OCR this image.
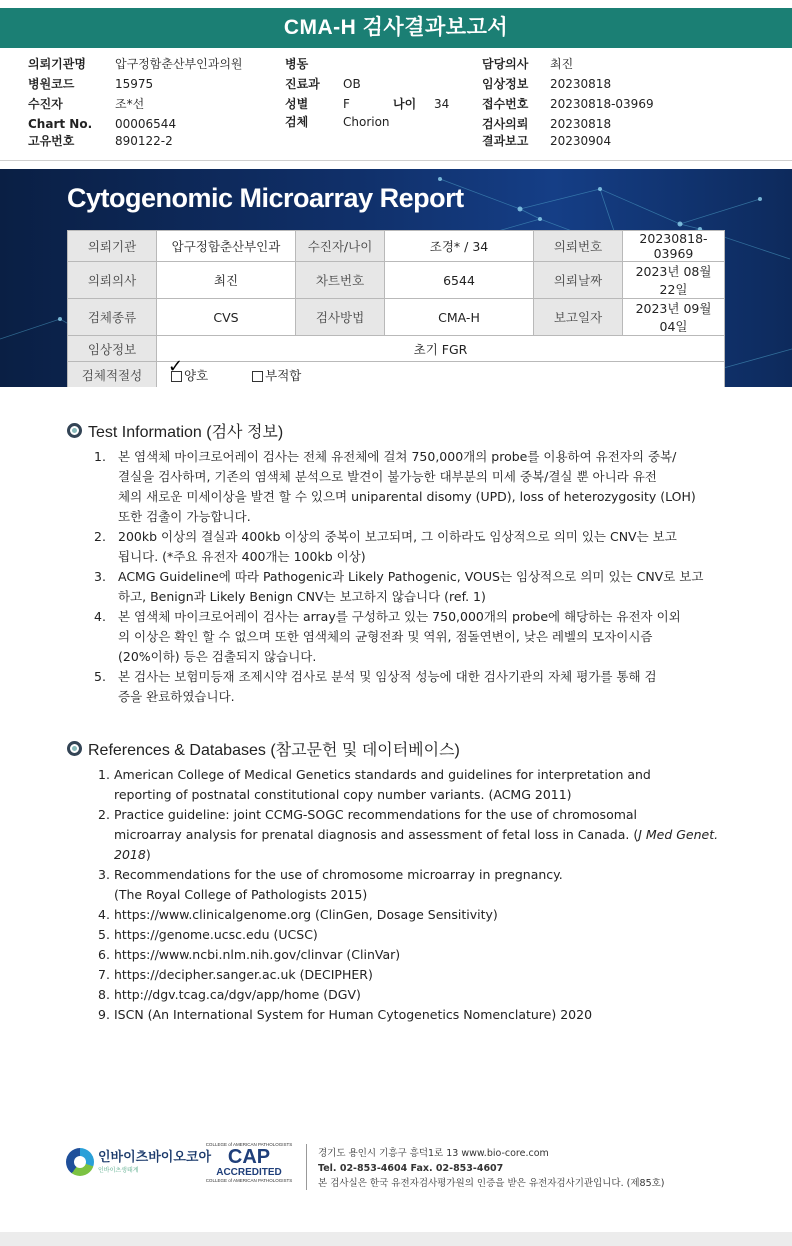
CMA-H 검사결과보고서
의뢰기관명 압구정함춘산부인과의원
병원코드	15975
수진자	조*선
Chart No. 00006544
고유번호	890122-2
병동
진료과 OB
성별	F	나이 34
검체	Chorion
담당의사 최진
임상정보 20230818
접수번호 20230818-03969
검사의뢰 20230818
결과보고 20230904
Cytogenomic Microarray Report
의뢰기관	압구정함춘산부인과	수진자/나이	조경* / 34	의뢰번호	20230818-03969
의뢰의사	최진	차트번호	6544	의뢰날짜	2023년 08월 22일
검체종류	CVS	검사방법	CMA-H	보고일자	2023년 09월 04일
임상정보	초기 FGR				
검체적절성	✓ 양호 부적합				
Test Information (검사 정보)
1. 본 염색체 마이크로어레이 검사는 전체 유전체에 걸쳐 750,000개의 probe를 이용하여 유전자의 중복/
결실을 검사하며, 기존의 염색체 분석으로 발견이 불가능한 대부분의 미세 중복/결실 뿐 아니라 유전
체의 새로운 미세이상을 발견 할 수 있으며 uniparental disomy (UPD), loss of heterozygosity (LOH)
또한 검출이 가능합니다.
2. 200kb 이상의 결실과 400kb 이상의 중복이 보고되며, 그 이하라도 임상적으로 의미 있는 CNV는 보고
됩니다. (*주요 유전자 400개는 100kb 이상)
3. ACMG Guideline에 따라 Pathogenic과 Likely Pathogenic, VOUS는 임상적으로 의미 있는 CNV로 보고
하고, Benign과 Likely Benign CNV는 보고하지 않습니다 (ref. 1)
4. 본 염색체 마이크로어레이 검사는 array를 구성하고 있는 750,000개의 probe에 해당하는 유전자 이외
의 이상은 확인 할 수 없으며 또한 염색체의 균형전좌 및 역위, 점돌연변이, 낮은 레벨의 모자이시즘
(20%이하) 등은 검출되지 않습니다.
5. 본 검사는 보험미등재 조제시약 검사로 분석 및 임상적 성능에 대한 검사기관의 자체 평가를 통해 검
증을 완료하였습니다.
References & Databases (참고문헌 및 데이터베이스)
1. American College of Medical Genetics standards and guidelines for interpretation and
reporting of postnatal constitutional copy number variants. (ACMG 2011)
2. Practice guideline: joint CCMG-SOGC recommendations for the use of chromosomal
microarray analysis for prenatal diagnosis and assessment of fetal loss in Canada. (J Med Genet. 2018)
3. Recommendations for the use of chromosome microarray in pregnancy.
(The Royal College of Pathologists 2015)
4. https://www.clinicalgenome.org (ClinGen, Dosage Sensitivity)
5. https://genome.ucsc.edu (UCSC)
6. https://www.ncbi.nlm.nih.gov/clinvar (ClinVar)
7. https://decipher.sanger.ac.uk (DECIPHER)
8. http://dgv.tcag.ca/dgv/app/home (DGV)
9. ISCN (An International System for Human Cytogenetics Nomenclature) 2020
인바이츠바이오코아
인바이츠생태계
COLLEGE of AMERICAN PATHOLOGISTS
CAP
ACCREDITED
COLLEGE of AMERICAN PATHOLOGISTS
경기도 용인시 기흥구 흥덕1로 13 www.bio-core.com
Tel. 02-853-4604 Fax. 02-853-4607
본 검사실은 한국 유전자검사평가원의 인증을 받은 유전자검사기관입니다. (제85호)
